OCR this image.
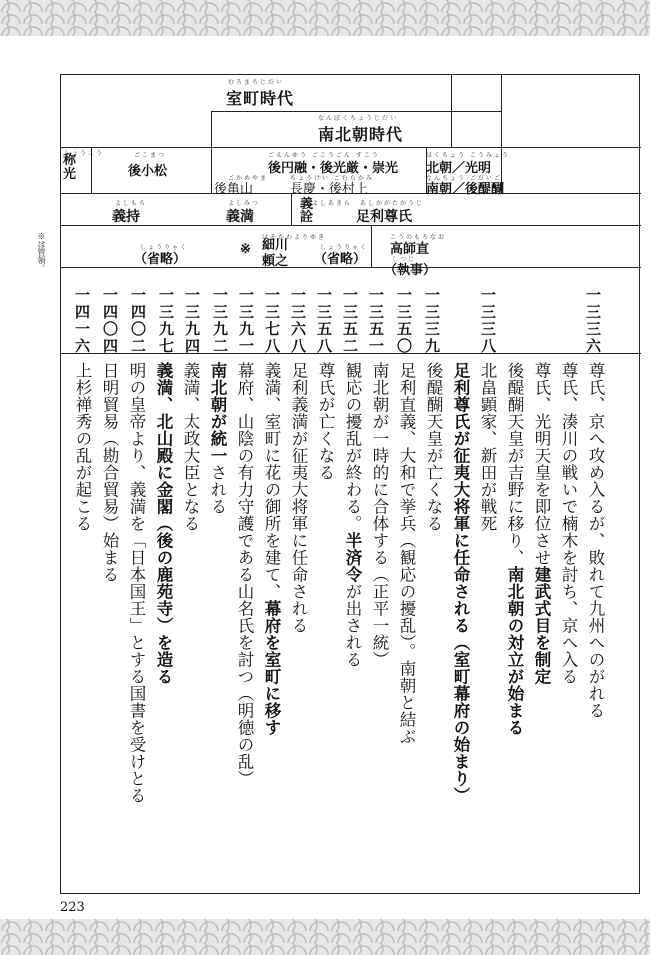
※は管領。
むろまちじだい
室町時代
なんぼくちょうじだい
南北朝時代
しょうこう
称光
ごこまつ
後小松
ごえんゆう ごこうごん すこう
後円融・後光厳・崇光
ごかめやま
後亀山
ちょうけい ごむらかみ
長慶・後村上
ほくちょう こうみょう
北朝／光明
なんちょう ごだいご
南朝／後醍醐
よしもち
義持
よしみつ
義満
よしあきら
義詮
あしかがたかうじ
足利尊氏
しょうりゃく
（省略）
※
ほそかわよりゆき
細川頼之
しょうりゃく
（省略）
こうのもろなお
高師直
しつじ
（執事）
一三三六
一三三八
一三三九
一三五〇
一三五一
一三五二
一三五八
一三六八
一三七八
一三九一
一三九二
一三九四
一三九七
一四〇二
一四〇四
一四一六
尊氏、京へ攻め入るが、敗れて九州へのがれる
尊氏、湊川の戦いで楠木を討ち、京へ入る
尊氏、光明天皇を即位させ建武式目を制定
後醍醐天皇が吉野に移り、南北朝の対立が始まる
北畠顕家、新田が戦死
足利尊氏が征夷大将軍に任命される（室町幕府の始まり）
後醍醐天皇が亡くなる
足利直義、大和で挙兵（観応の擾乱）。南朝と結ぶ
南北朝が一時的に合体する（正平一統）
観応の擾乱が終わる。半済令が出される
尊氏が亡くなる
足利義満が征夷大将軍に任命される
義満、室町に花の御所を建て、幕府を室町に移す
幕府、山陰の有力守護である山名氏を討つ（明徳の乱）
南北朝が統一される
義満、太政大臣となる
義満、北山殿に金閣（後の鹿苑寺）を造る
明の皇帝より、義満を「日本国王」とする国書を受けとる
日明貿易（勘合貿易）始まる
上杉禅秀の乱が起こる
223
